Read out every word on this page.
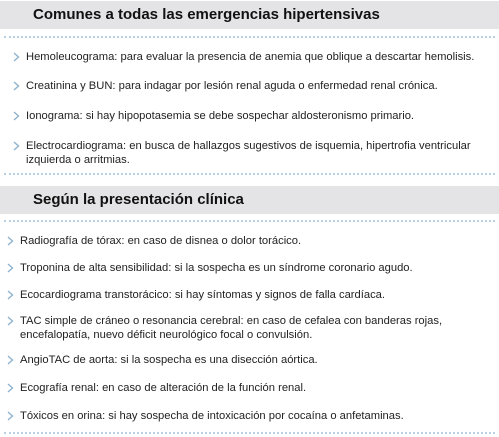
Comunes a todas las emergencias hipertensivas
Hemoleucograma: para evaluar la presencia de anemia que oblique a descartar hemolisis.
Creatinina y BUN: para indagar por lesión renal aguda o enfermedad renal crónica.
Ionograma: si hay hipopotasemia se debe sospechar aldosteronismo primario.
Electrocardiograma: en busca de hallazgos sugestivos de isquemia, hipertrofia ventricular
izquierda o arritmias.
Según la presentación clínica
Radiografía de tórax: en caso de disnea o dolor torácico.
Troponina de alta sensibilidad: si la sospecha es un síndrome coronario agudo.
Ecocardiograma transtorácico: si hay síntomas y signos de falla cardíaca.
TAC simple de cráneo o resonancia cerebral: en caso de cefalea con banderas rojas,
encefalopatía, nuevo déficit neurológico focal o convulsión.
AngioTAC de aorta: si la sospecha es una disección aórtica.
Ecografía renal: en caso de alteración de la función renal.
Tóxicos en orina: si hay sospecha de intoxicación por cocaína o anfetaminas.
